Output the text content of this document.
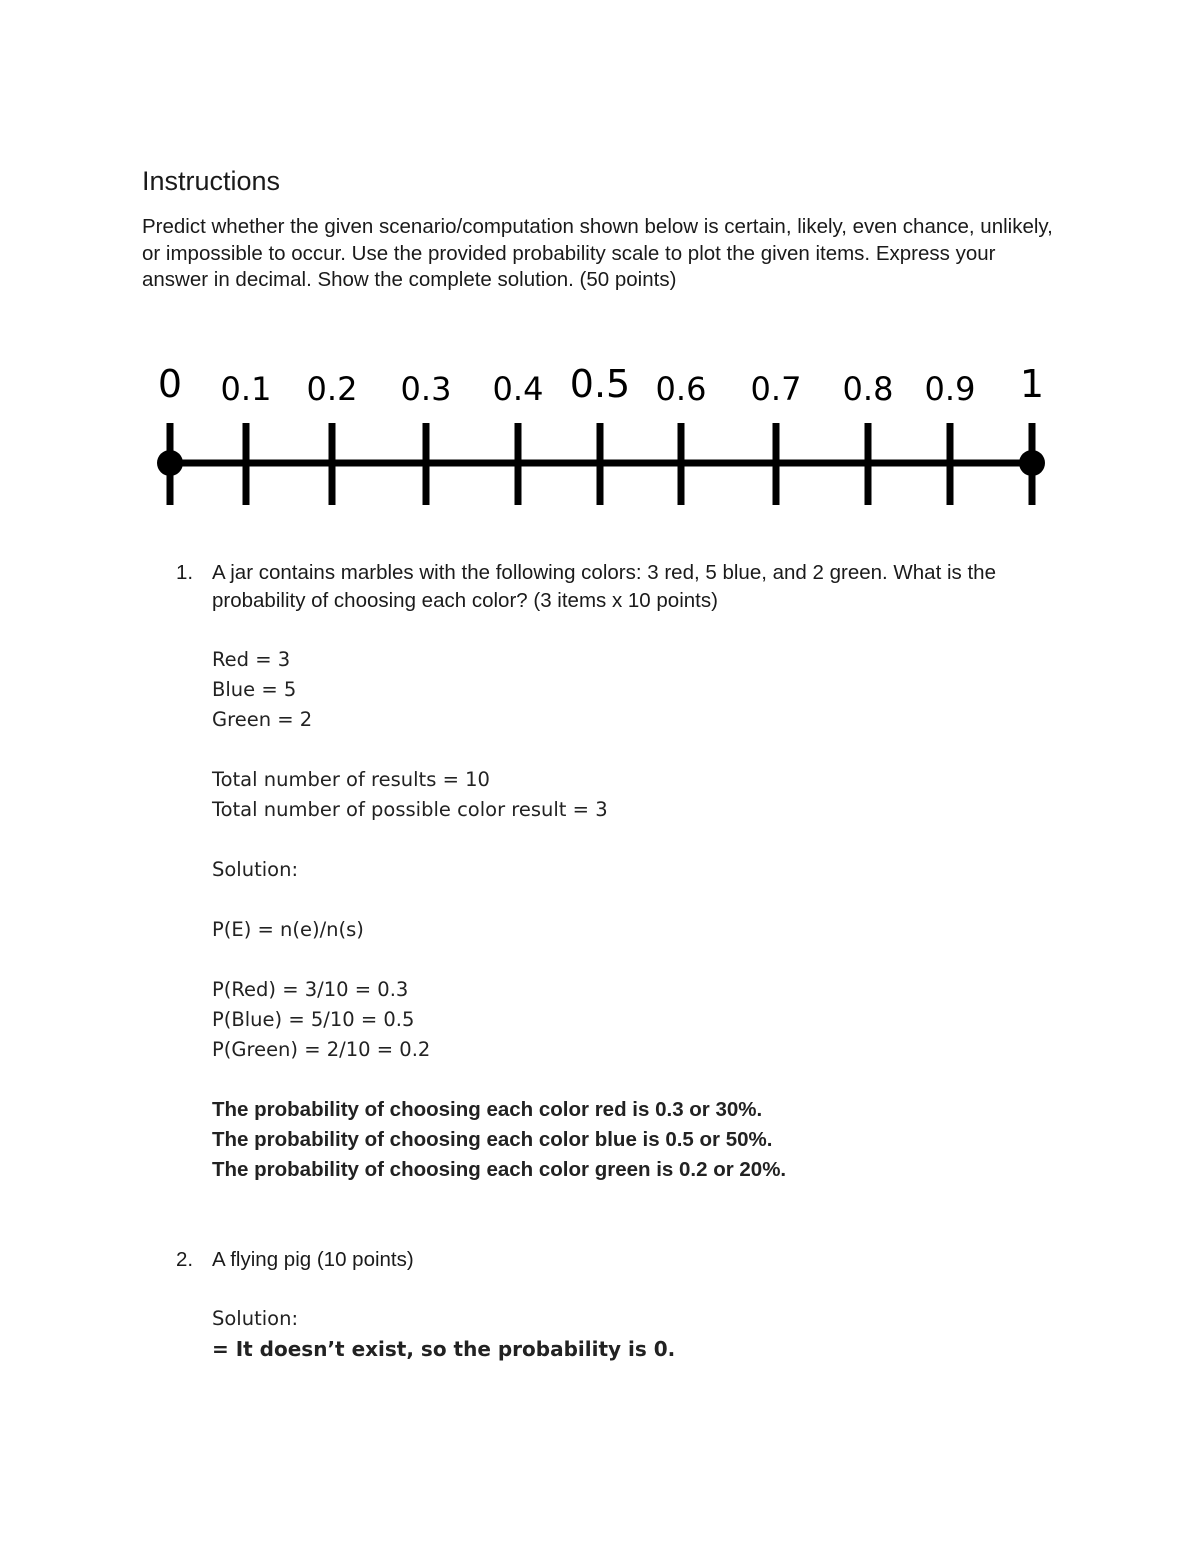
Instructions

Predict whether the given scenario/computation shown below is certain, likely, even chance, unlikely, or impossible to occur. Use the provided probability scale to plot the given items. Express your answer in decimal. Show the complete solution. (50 points)

0 0.1 0.2 0.3 0.4 0.5 0.6 0.7 0.8 0.9 1
1. A jar contains marbles with the following colors: 3 red, 5 blue, and 2 green. What is the probability of choosing each color? (3 items x 10 points)
Red = 3
Blue = 5
Green = 2
Total number of results = 10
Total number of possible color result = 3
Solution:
P(E) = n(e)/n(s)
P(Red) = 3/10 = 0.3
P(Blue) = 5/10 = 0.5
P(Green) = 2/10 = 0.2
The probability of choosing each color red is 0.3 or 30%.
The probability of choosing each color blue is 0.5 or 50%.
The probability of choosing each color green is 0.2 or 20%.
2. A flying pig (10 points)
Solution:
= It doesn’t exist, so the probability is 0.
